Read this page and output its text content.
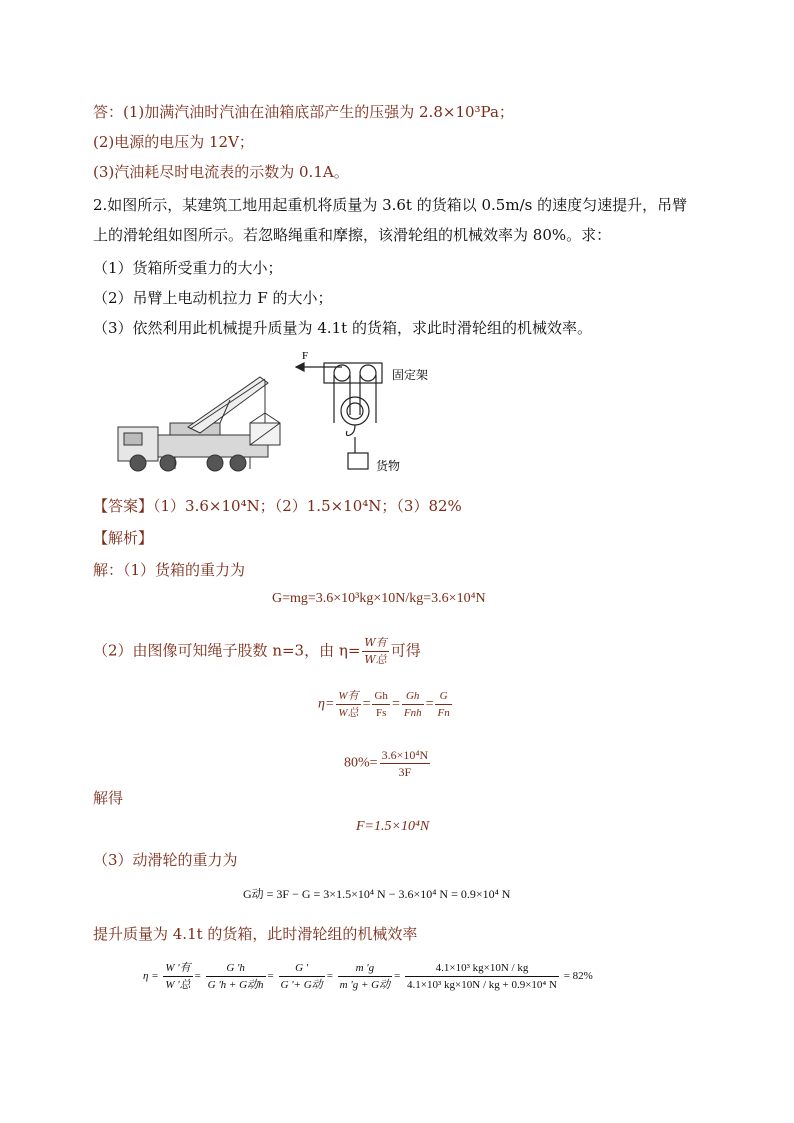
答：(1)加满汽油时汽油在油箱底部产生的压强为 2.8×10³Pa；
(2)电源的电压为 12V；
(3)汽油耗尽时电流表的示数为 0.1A。
2.如图所示，某建筑工地用起重机将质量为 3.6t 的货箱以 0.5m/s 的速度匀速提升，吊臂
上的滑轮组如图所示。若忽略绳重和摩擦，该滑轮组的机械效率为 80%。求：
（1）货箱所受重力的大小；
（2）吊臂上电动机拉力 F 的大小；
（3）依然利用此机械提升质量为 4.1t 的货箱，求此时滑轮组的机械效率。
F
固定架
货物
【答案】（1）3.6×10⁴N；（2）1.5×10⁴N；（3）82%
【解析】
解：（1）货箱的重力为
G=mg=3.6×10³kg×10N/kg=3.6×10⁴N
（2）由图像可知绳子股数 n=3，由 $\eta= \frac{\text{W有}}{\text{W总}}$ 可得
$\eta= \frac{\text{W有}}{\text{W总}} = \frac{Gh}{Fs} = \frac{Gh}{\text{Fnh}} = \frac{G}{Fn}$
$80\%= \frac{\text{3.6×10⁴N}}{3F}$
解得
F=1.5×10⁴N
（3）动滑轮的重力为
G动 = 3F − G = 3×1.5×10⁴ N − 3.6×10⁴ N = 0.9×10⁴ N
提升质量为 4.1t 的货箱，此时滑轮组的机械效率
$\eta = \frac{\text{W '有}}{\text{W '总}} = \frac{G 'h}{\text{G 'h + G动h}} = \frac{G '}{\text{G '+ G动}} = \frac{m 'g}{\text{m 'g + G动}} = \frac{\text{4.1×10³ kg×10N / kg}}{\text{4.1×10³ kg×10N / kg + 0.9×10⁴ N}} = 82\%$
